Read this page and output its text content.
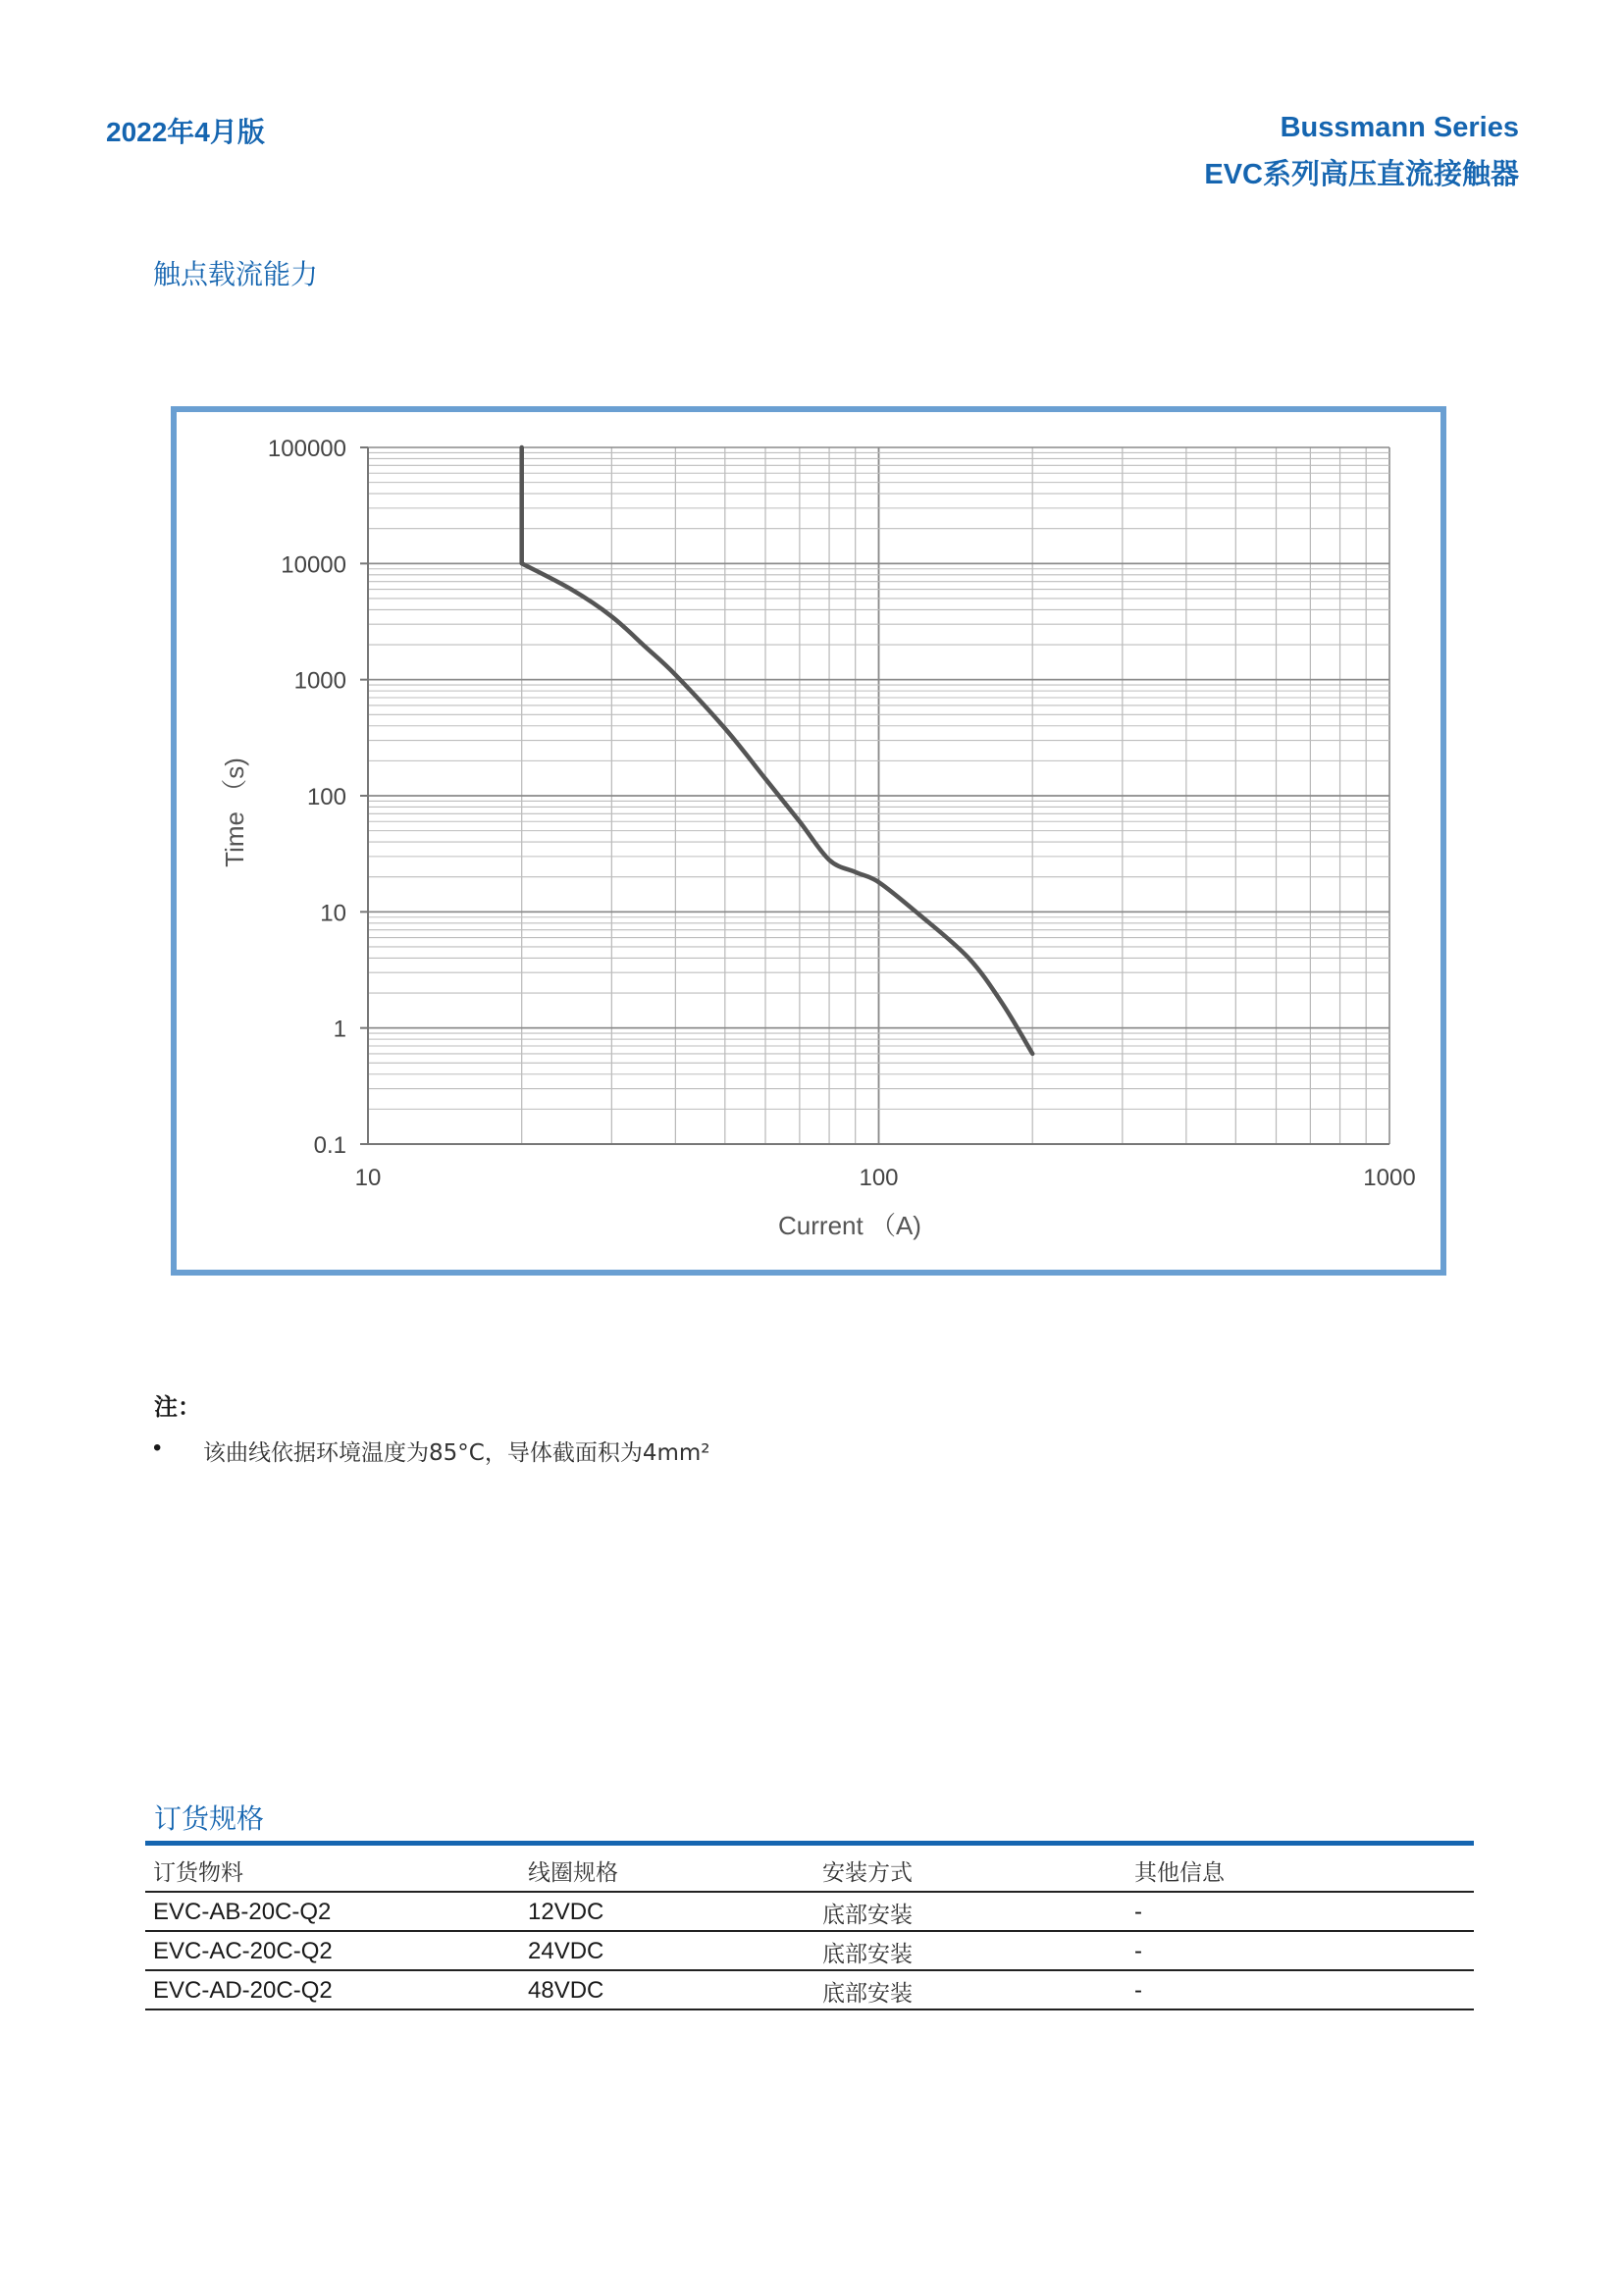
2022年4月版	Bussmann Series
EVC系列高压直流接触器
触点载流能力
0.1
1
10
100
1000
10000
100000
10	100	1000
Current （A)
Time （s)
注：
• 该曲线依据环境温度为85°C，导体截面积为4mm²
订货规格
订货物料	线圈规格	安装方式	其他信息
EVC-AB-20C-Q2	12VDC	底部安装	-
EVC-AC-20C-Q2	24VDC	底部安装	-
EVC-AD-20C-Q2	48VDC	底部安装	-
